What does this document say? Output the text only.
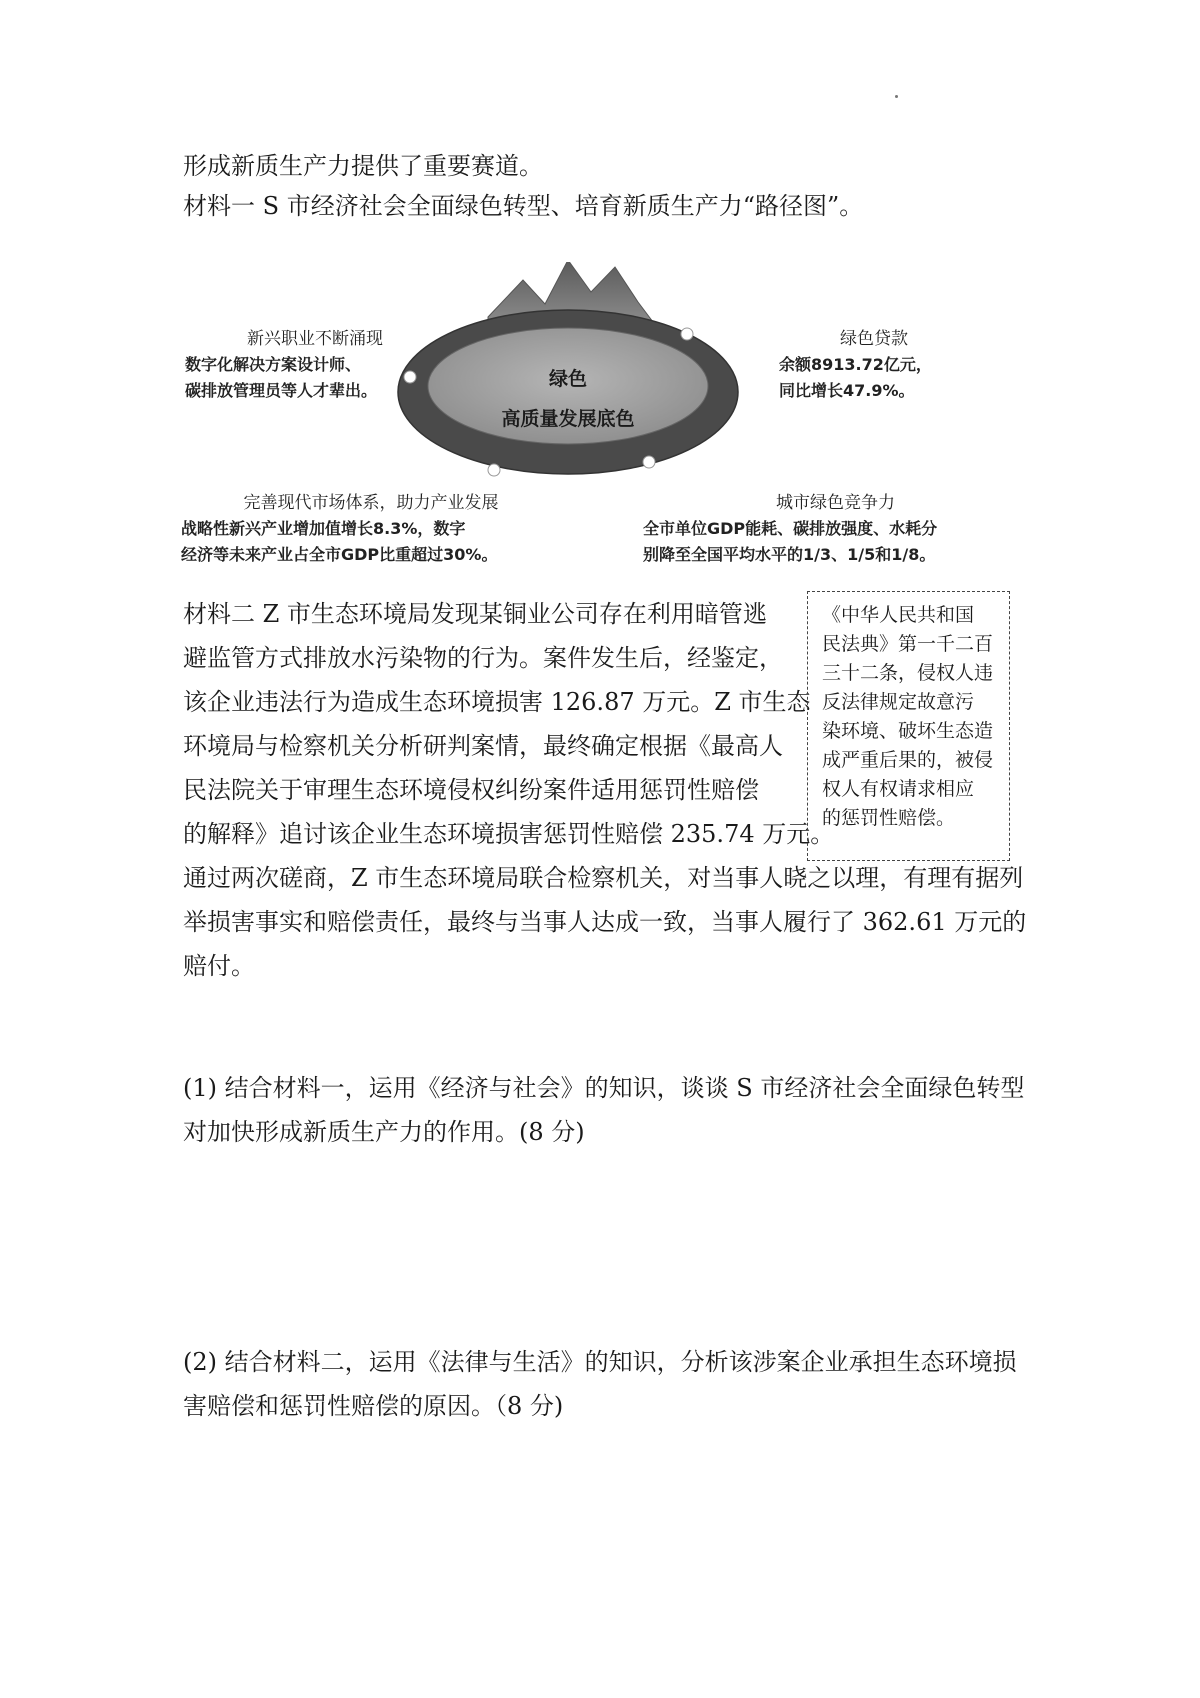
形成新质生产力提供了重要赛道。
材料一 S 市经济社会全面绿色转型、培育新质生产力“路径图”。
绿色
高质量发展底色
新兴职业不断涌现
数字化解决方案设计师、
碳排放管理员等人才辈出。
绿色贷款
余额8913.72亿元，
同比增长47.9%。
完善现代市场体系，助力产业发展
战略性新兴产业增加值增长8.3%，数字
经济等未来产业占全市GDP比重超过30%。
城市绿色竞争力
全市单位GDP能耗、碳排放强度、水耗分
别降至全国平均水平的1/3、1/5和1/8。
材料二 Z 市生态环境局发现某铜业公司存在利用暗管逃
避监管方式排放水污染物的行为。案件发生后，经鉴定，
该企业违法行为造成生态环境损害 126.87 万元。Z 市生态
环境局与检察机关分析研判案情，最终确定根据《最高人
民法院关于审理生态环境侵权纠纷案件适用惩罚性赔偿
的解释》追讨该企业生态环境损害惩罚性赔偿 235.74 万元。
《中华人民共和国
民法典》第一千二百
三十二条，侵权人违
反法律规定故意污
染环境、破坏生态造
成严重后果的，被侵
权人有权请求相应
的惩罚性赔偿。
通过两次磋商，Z 市生态环境局联合检察机关，对当事人晓之以理，有理有据列
举损害事实和赔偿责任，最终与当事人达成一致，当事人履行了 362.61 万元的
赔付。
(1) 结合材料一，运用《经济与社会》的知识，谈谈 S 市经济社会全面绿色转型
对加快形成新质生产力的作用。(8 分)
(2) 结合材料二，运用《法律与生活》的知识，分析该涉案企业承担生态环境损
害赔偿和惩罚性赔偿的原因。（8 分)
